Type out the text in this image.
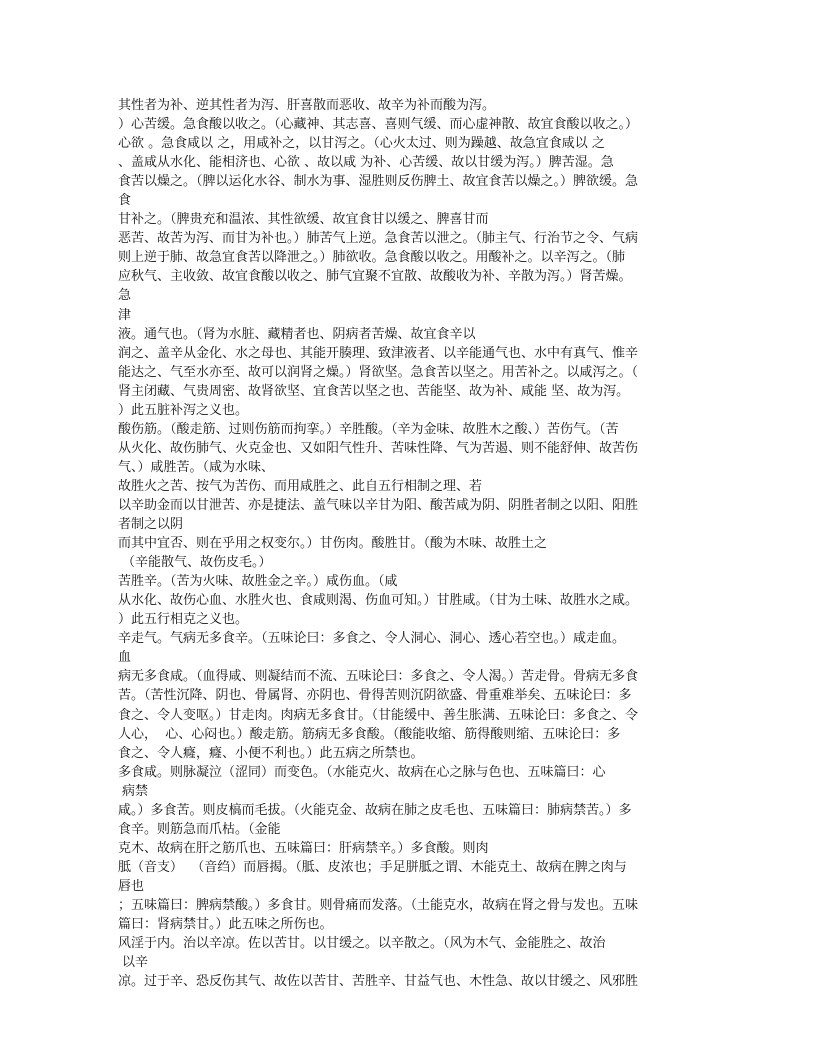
其性者为补、逆其性者为泻、肝喜散而恶收、故辛为补而酸为泻。
）心苦缓。急食酸以收之。（心藏神、其志喜、喜则气缓、而心虚神散、故宜食酸以收之。）
心欲 。急食咸以 之，用咸补之，以甘泻之。（心火太过、则为躁越、故急宜食咸以 之
、盖咸从水化、能相济也、心欲 、故以咸 为补、心苦缓、故以甘缓为泻。）脾苦湿。急
食苦以燥之。（脾以运化水谷、制水为事、湿胜则反伤脾土、故宜食苦以燥之。）脾欲缓。急
食
甘补之。（脾贵充和温浓、其性欲缓、故宜食甘以缓之、脾喜甘而
恶苦、故苦为泻、而甘为补也。）肺苦气上逆。急食苦以泄之。（肺主气、行治节之令、气病
则上逆于肺、故急宜食苦以降泄之。）肺欲收。急食酸以收之。用酸补之。以辛泻之。（肺
应秋气、主收敛、故宜食酸以收之、肺气宜聚不宜散、故酸收为补、辛散为泻。）肾苦燥。
急
津
液。通气也。（肾为水脏、藏精者也、阴病者苦燥、故宜食辛以
润之、盖辛从金化、水之母也、其能开腠理、致津液者、以辛能通气也、水中有真气、惟辛
能达之、气至水亦至、故可以润肾之燥。）肾欲坚。急食苦以坚之。用苦补之。以咸泻之。（
肾主闭藏、气贵周密、故肾欲坚、宜食苦以坚之也、苦能坚、故为补、咸能 坚、故为泻。
）此五脏补泻之义也。
酸伤筋。（酸走筋、过则伤筋而拘挛。）辛胜酸。（辛为金味、故胜木之酸、）苦伤气。（苦
从火化、故伤肺气、火克金也、又如阳气性升、苦味性降、气为苦遏、则不能舒伸、故苦伤
气、）咸胜苦。（咸为水味、
故胜火之苦、按气为苦伤、而用咸胜之、此自五行相制之理、若
以辛助金而以甘泄苦、亦是捷法、盖气味以辛甘为阳、酸苦咸为阴、阴胜者制之以阳、阳胜
者制之以阴
而其中宜否、则在乎用之权变尔。）甘伤肉。酸胜甘。（酸为木味、故胜土之
（辛能散气、故伤皮毛。）
苦胜辛。（苦为火味、故胜金之辛。）咸伤血。（咸
从水化、故伤心血、水胜火也、食咸则渴、伤血可知。）甘胜咸。（甘为土味、故胜水之咸。
）此五行相克之义也。
辛走气。气病无多食辛。（五味论曰：多食之、令人洞心、洞心、透心若空也。）咸走血。
血
病无多食咸。（血得咸、则凝结而不流、五味论曰：多食之、令人渴。）苦走骨。骨病无多食
苦。（苦性沉降、阴也、骨属肾、亦阴也、骨得苦则沉阴欲盛、骨重难举矣、五味论曰：多
食之、令人变呕。）甘走肉。肉病无多食甘。（甘能缓中、善生胀满、五味论曰：多食之、令
人心，  心、心闷也。）酸走筋。筋病无多食酸。（酸能收缩、筋得酸则缩、五味论曰：多
食之、令人癃，癃、小便不利也。）此五病之所禁也。
多食咸。则脉凝泣（涩同）而变色。（水能克火、故病在心之脉与色也、五味篇曰：心
病禁
咸。）多食苦。则皮槁而毛拔。（火能克金、故病在肺之皮毛也、五味篇曰：肺病禁苦。）多
食辛。则筋急而爪枯。（金能
克木、故病在肝之筋爪也、五味篇曰：肝病禁辛。）多食酸。则肉
胝（音支）  （音绉）而唇揭。（胝、皮浓也；手足胼胝之谓、木能克土、故病在脾之肉与
唇也
；五味篇曰：脾病禁酸。）多食甘。则骨痛而发落。（土能克水，故病在肾之骨与发也。五味
篇曰：肾病禁甘。）此五味之所伤也。
风淫于内。治以辛凉。佐以苦甘。以甘缓之。以辛散之。（风为木气、金能胜之、故治
以辛
凉。过于辛、恐反伤其气、故佐以苦甘、苦胜辛、甘益气也、木性急、故以甘缓之、风邪胜
